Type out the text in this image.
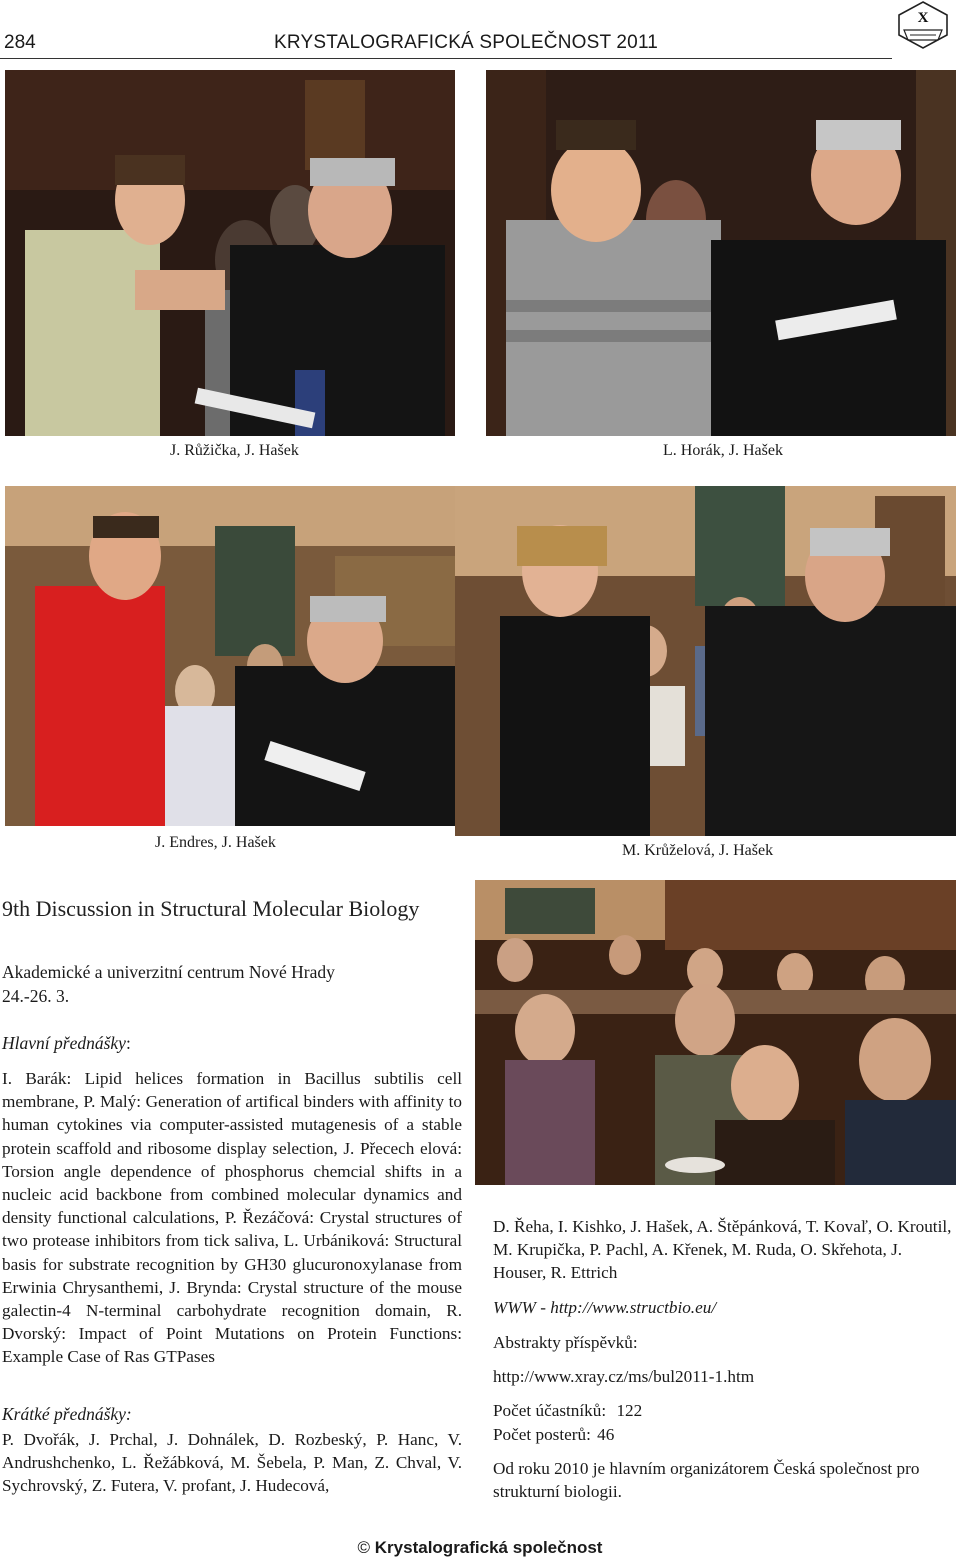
284	KRYSTALOGRAFICKÁ SPOLEČNOST 2011
X
J. Růžička, J. Hašek	L. Horák, J. Hašek
J. Endres, J. Hašek	M. Krůželová, J. Hašek
9th Discussion in Structural Molecular Biology
Akademické a univerzitní centrum Nové Hrady
24.-26. 3.
Hlavní přednášky:
I. Barák: Lipid helices formation in Bacillus subtilis cell membrane, P. Malý: Generation of artifical binders with affinity to human cytokines via computer-assisted mutagenesis of a stable protein scaffold and ribosome display selection, J. Přecech elová: Torsion angle dependence of phosphorus chemcial shifts in a nucleic acid backbone from combined molecular dynamics and density functional calculations, P. Řezáčová: Crystal structures of two protease inhibitors from tick saliva, L. Urbániková: Structural basis for substrate recognition by GH30 glucuronoxylanase from Erwinia Chrysanthemi, J. Brynda: Crystal structure of the mouse galectin-4 N-terminal carbohydrate recognition domain, R. Dvorský: Impact of Point Mutations on Protein Functions: Example Case of Ras GTPases
Krátké přednášky:
P. Dvořák, J. Prchal, J. Dohnálek, D. Rozbeský, P. Hanc, V. Andrushchenko, L. Řežábková, M. Šebela, P. Man, Z. Chval, V. Sychrovský, Z. Futera, V. profant, J. Hudecová,
D. Řeha, I. Kishko, J. Hašek, A. Štěpánková, T. Kovaľ, O. Kroutil, M. Krupička, P. Pachl, A. Křenek, M. Ruda, O. Skřehota, J. Houser, R. Ettrich
WWW - http://www.structbio.eu/
Abstrakty příspěvků:
http://www.xray.cz/ms/bul2011-1.htm
Počet účastníků: 122
Počet posterů: 46
Od roku 2010 je hlavním organizátorem Česká společnost pro strukturní biologii.
© Krystalografická společnost
